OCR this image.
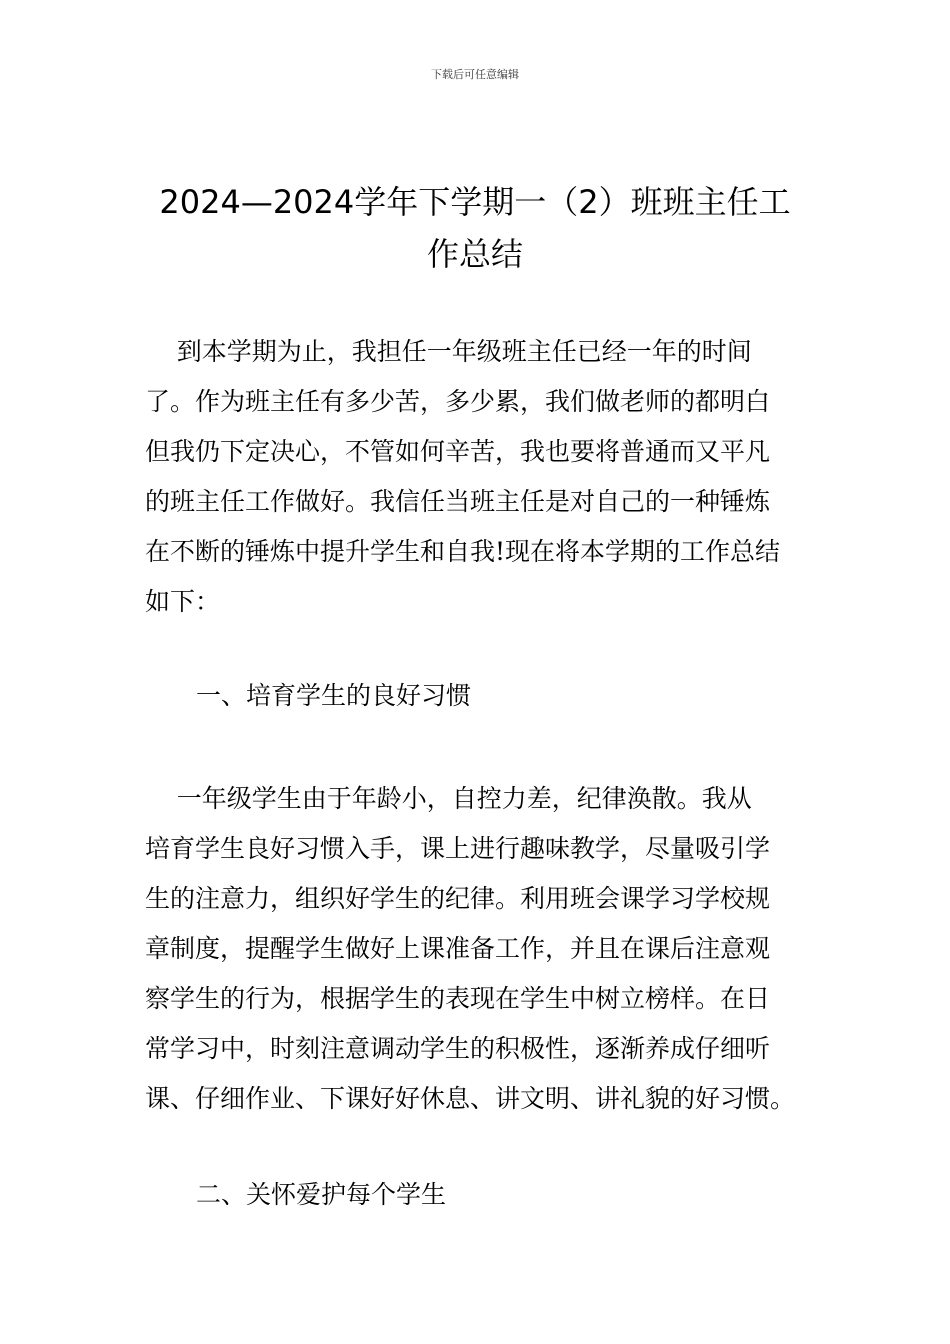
下载后可任意编辑
2024—2024学年下学期一（2）班班主任工
作总结
到本学期为止，我担任一年级班主任已经一年的时间
了。作为班主任有多少苦，多少累，我们做老师的都明白
但我仍下定决心，不管如何辛苦，我也要将普通而又平凡
的班主任工作做好。我信任当班主任是对自己的一种锤炼
在不断的锤炼中提升学生和自我!现在将本学期的工作总结
如下：
一、培育学生的良好习惯
一年级学生由于年龄小，自控力差，纪律涣散。我从
培育学生良好习惯入手，课上进行趣味教学，尽量吸引学
生的注意力，组织好学生的纪律。利用班会课学习学校规
章制度，提醒学生做好上课准备工作，并且在课后注意观
察学生的行为，根据学生的表现在学生中树立榜样。在日
常学习中，时刻注意调动学生的积极性，逐渐养成仔细听
课、仔细作业、下课好好休息、讲文明、讲礼貌的好习惯。
二、关怀爱护每个学生
